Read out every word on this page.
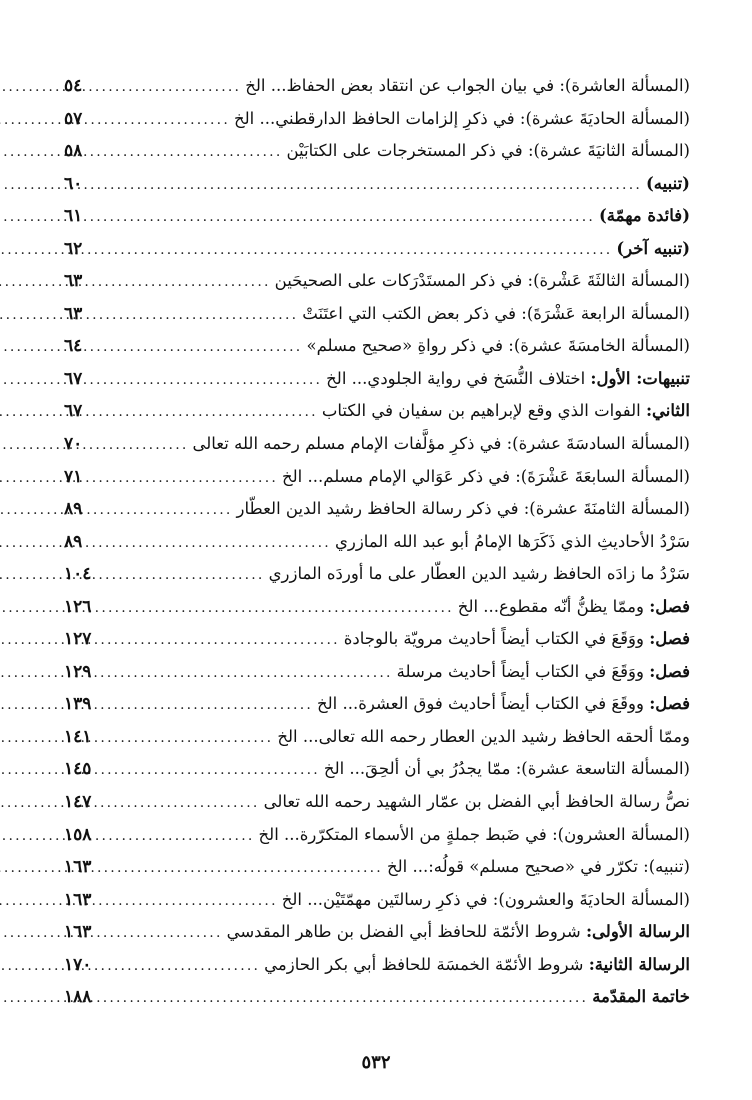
(المسألة العاشرة): في بيان الجواب عن انتقاد بعض الحفاظ... الخ
.....
٥٤
(المسألة الحاديَةَ عشرة): في ذكرِ إلزامات الحافظ الدارقطني... الخ
.....
٥٧
(المسألة الثانيَةَ عشرة): في ذكر المستخرجات على الكتابَيْن
.....
٥٨
(تنبيه)
.....
٦٠
(فائدة مهمّة)
.....
٦١
(تنبيه آخر)
.....
٦٢
(المسألة الثالثَةَ عَشْرة): في ذكر المستَدْرَكات على الصحيحَين
.....
٦٣
(المسألة الرابعة عَشْرَةَ): في ذكر بعض الكتب التي اعتَنَتْ
.....
٦٣
(المسألة الخامسَةَ عشرة): في ذكر رواةِ «صحيح مسلم»
.....
٦٤
تنبيهات: الأول: اختلاف النُّسَخ في رواية الجلودي... الخ
.....
٦٧
الثاني: الفوات الذي وقع لإبراهيم بن سفيان في الكتاب
.....
٦٧
(المسألة السادسَةَ عشرة): في ذكرِ مؤلَّفات الإمام مسلم رحمه الله تعالى
.....
٧٠
(المسألة السابعَةَ عَشْرَةَ): في ذكر عَوَالي الإمام مسلم... الخ
.....
٧١
(المسألة الثامنَةَ عشرة): في ذكر رسالة الحافظ رشيد الدين العطّار
.....
٨٩
سَرْدُ الأحاديثِ الذي ذَكَرَها الإمامُ أبو عبد الله المازري
.....
٨٩
سَرْدُ ما زادَه الحافظ رشيد الدين العطّار على ما أوردَه المازري
.....
١٠٤
فصل: وممّا يظنُّ أنّه مقطوع... الخ
.....
١٢٦
فصل: ووَقَعَ في الكتاب أيضاً أحاديث مرويّة بالوجادة
.....
١٢٧
فصل: ووَقَعَ في الكتاب أيضاً أحاديث مرسلة
.....
١٢٩
فصل: ووقَعَ في الكتاب أيضاً أحاديث فوق العشرة... الخ
.....
١٣٩
وممّا ألحقه الحافظ رشيد الدين العطار رحمه الله تعالى... الخ
.....
١٤١
(المسألة التاسعة عشرة): ممّا يجدُرُ بي أن ألحِقَ... الخ
.....
١٤٥
نصُّ رسالة الحافظ أبي الفضل بن عمّار الشهيد رحمه الله تعالى
.....
١٤٧
(المسألة العشرون): في ضَبط جملةٍ من الأسماء المتكرّرة... الخ
.....
١٥٨
(تنبيه): تكرّر في «صحيح مسلم» قولُه:... الخ
.....
١٦٣
(المسألة الحاديَةَ والعشرون): في ذكرِ رسالتَين مهمّتَيْن... الخ
.....
١٦٣
الرسالة الأولى: شروط الأئمّة للحافظ أبي الفضل بن طاهر المقدسي
.....
١٦٣
الرسالة الثانية: شروط الأئمّة الخمسَة للحافظ أبي بكر الحازمي
.....
١٧٠
خاتمة المقدّمة
.....
١٨٨
٥٣٢
